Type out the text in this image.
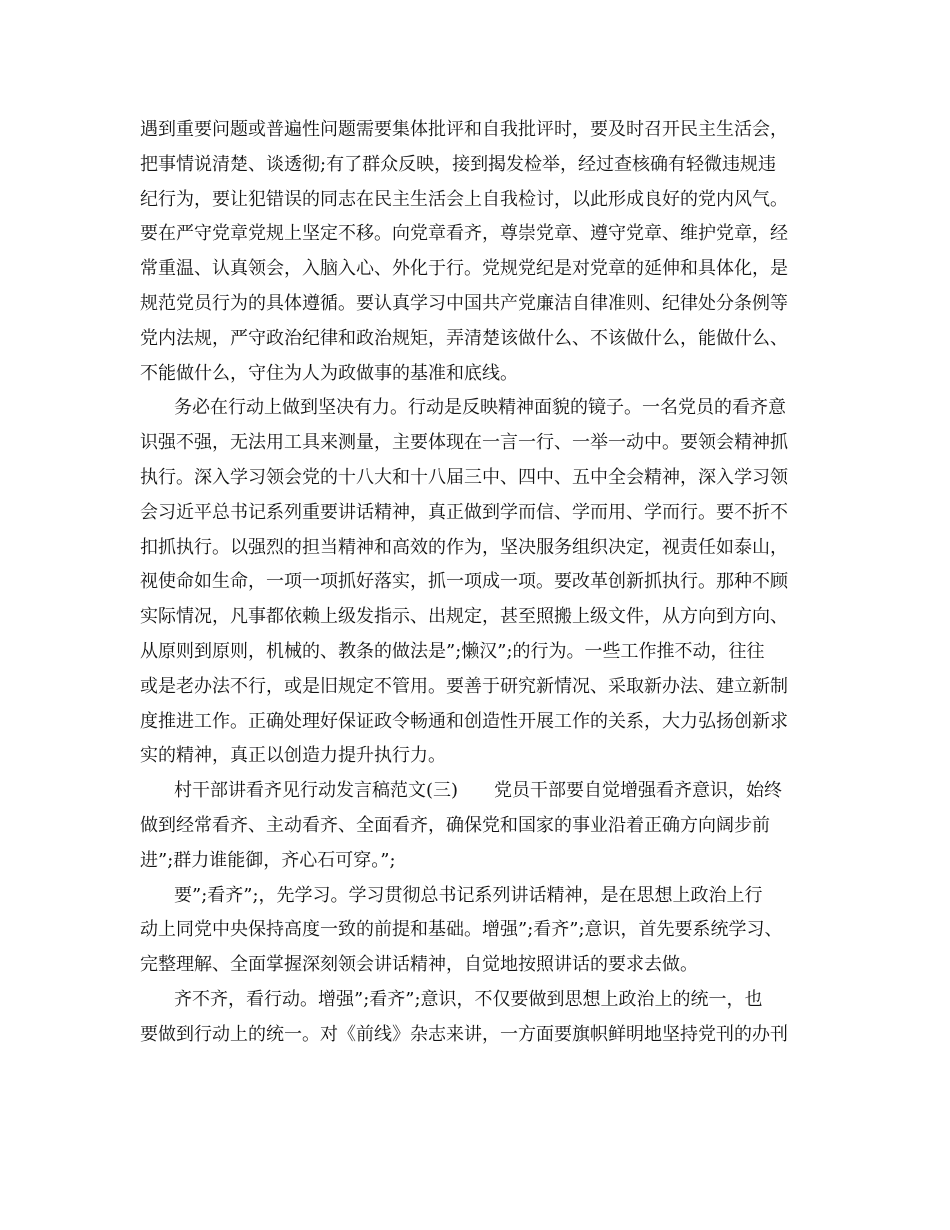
遇到重要问题或普遍性问题需要集体批评和自我批评时，要及时召开民主生活会，
把事情说清楚、谈透彻;有了群众反映，接到揭发检举，经过查核确有轻微违规违
纪行为，要让犯错误的同志在民主生活会上自我检讨，以此形成良好的党内风气。
要在严守党章党规上坚定不移。向党章看齐，尊崇党章、遵守党章、维护党章，经
常重温、认真领会，入脑入心、外化于行。党规党纪是对党章的延伸和具体化，是
规范党员行为的具体遵循。要认真学习中国共产党廉洁自律准则、纪律处分条例等
党内法规，严守政治纪律和政治规矩，弄清楚该做什么、不该做什么，能做什么、
不能做什么，守住为人为政做事的基准和底线。
务必在行动上做到坚决有力。行动是反映精神面貌的镜子。一名党员的看齐意
识强不强，无法用工具来测量，主要体现在一言一行、一举一动中。要领会精神抓
执行。深入学习领会党的十八大和十八届三中、四中、五中全会精神，深入学习领
会习近平总书记系列重要讲话精神，真正做到学而信、学而用、学而行。要不折不
扣抓执行。以强烈的担当精神和高效的作为，坚决服务组织决定，视责任如泰山，
视使命如生命，一项一项抓好落实，抓一项成一项。要改革创新抓执行。那种不顾
实际情况，凡事都依赖上级发指示、出规定，甚至照搬上级文件，从方向到方向、
从原则到原则，机械的、教条的做法是”;懒汉”;的行为。一些工作推不动，往往
或是老办法不行，或是旧规定不管用。要善于研究新情况、采取新办法、建立新制
度推进工作。正确处理好保证政令畅通和创造性开展工作的关系，大力弘扬创新求
实的精神，真正以创造力提升执行力。
村干部讲看齐见行动发言稿范文(三)　　党员干部要自觉增强看齐意识，始终
做到经常看齐、主动看齐、全面看齐，确保党和国家的事业沿着正确方向阔步前
进”;群力谁能御，齐心石可穿。”;
要”;看齐”;，先学习。学习贯彻总书记系列讲话精神，是在思想上政治上行
动上同党中央保持高度一致的前提和基础。增强”;看齐”;意识，首先要系统学习、
完整理解、全面掌握深刻领会讲话精神，自觉地按照讲话的要求去做。
齐不齐，看行动。增强”;看齐”;意识，不仅要做到思想上政治上的统一，也
要做到行动上的统一。对《前线》杂志来讲，一方面要旗帜鲜明地坚持党刊的办刊
